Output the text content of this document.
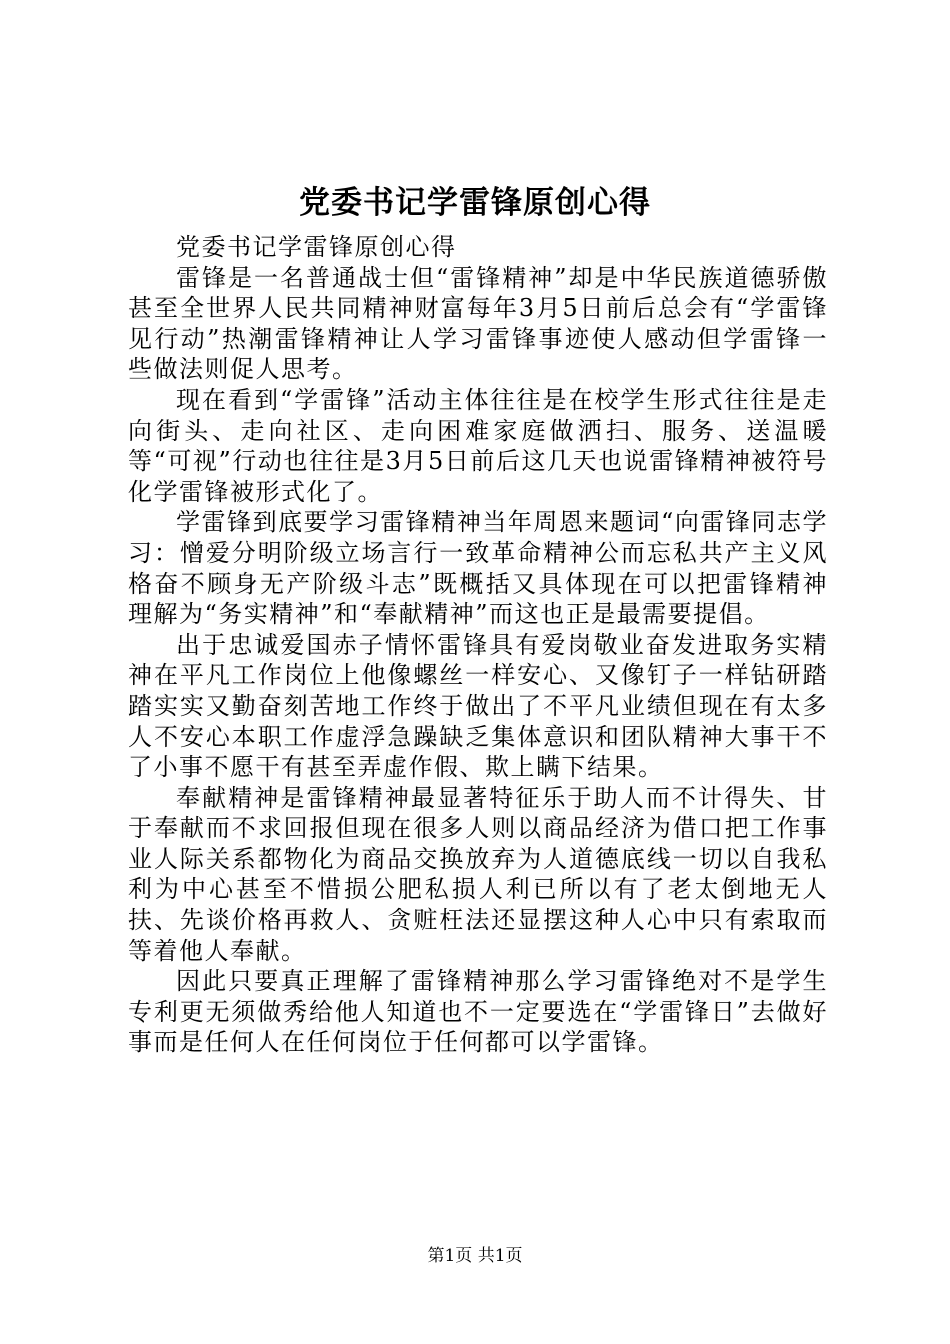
党委书记学雷锋原创心得

党委书记学雷锋原创心得

雷锋是一名普通战士但“雷锋精神”却是中华民族道德骄傲甚至全世界人民共同精神财富每年3月5日前后总会有“学雷锋见行动”热潮雷锋精神让人学习雷锋事迹使人感动但学雷锋一些做法则促人思考。

现在看到“学雷锋”活动主体往往是在校学生形式往往是走向街头、走向社区、走向困难家庭做洒扫、服务、送温暖等“可视”行动也往往是3月5日前后这几天也说雷锋精神被符号化学雷锋被形式化了。

学雷锋到底要学习雷锋精神当年周恩来题词“向雷锋同志学习：憎爱分明阶级立场言行一致革命精神公而忘私共产主义风格奋不顾身无产阶级斗志”既概括又具体现在可以把雷锋精神理解为“务实精神”和“奉献精神”而这也正是最需要提倡。

出于忠诚爱国赤子情怀雷锋具有爱岗敬业奋发进取务实精神在平凡工作岗位上他像螺丝一样安心、又像钉子一样钻研踏踏实实又勤奋刻苦地工作终于做出了不平凡业绩但现在有太多人不安心本职工作虚浮急躁缺乏集体意识和团队精神大事干不了小事不愿干有甚至弄虚作假、欺上瞒下结果。

奉献精神是雷锋精神最显著特征乐于助人而不计得失、甘于奉献而不求回报但现在很多人则以商品经济为借口把工作事业人际关系都物化为商品交换放弃为人道德底线一切以自我私利为中心甚至不惜损公肥私损人利已所以有了老太倒地无人扶、先谈价格再救人、贪赃枉法还显摆这种人心中只有索取而等着他人奉献。

因此只要真正理解了雷锋精神那么学习雷锋绝对不是学生专利更无须做秀给他人知道也不一定要选在“学雷锋日”去做好事而是任何人在任何岗位于任何都可以学雷锋。

第1页 共1页
